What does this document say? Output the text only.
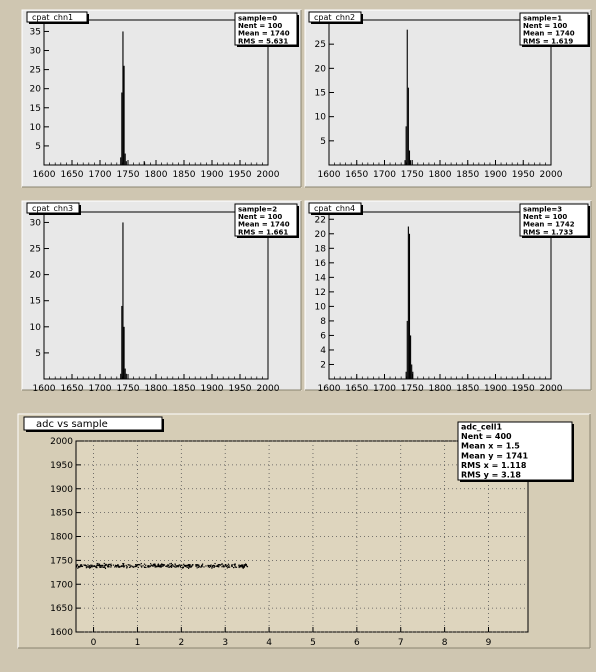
1600 1650 1700 1750 1800 1850 1900 1950 2000
5
10
15
20
25
30
35
cpat_chn1	sample=0
Nent = 100
Mean = 1740
RMS = 5.631
1600 1650 1700 1750 1800 1850 1900 1950 2000
5
10
15
20
25
cpat_chn2	sample=1
Nent = 100
Mean = 1740
RMS = 1.619
1600 1650 1700 1750 1800 1850 1900 1950 2000
5
10
15
20
25
30
cpat_chn3	sample=2
Nent = 100
Mean = 1740
RMS = 1.661
1600 1650 1700 1750 1800 1850 1900 1950 2000
2
4
6
8
10
12
14
16
18
20
22
cpat_chn4	sample=3
Nent = 100
Mean = 1742
RMS = 1.733
0	1	2	3	4	5	6	7	8	9
1600
1650
1700
1750
1800
1850
1900
1950
2000
adc vs sample	adc_cell1
Nent = 400
Mean x = 1.5
Mean y = 1741
RMS x = 1.118
RMS y = 3.18
